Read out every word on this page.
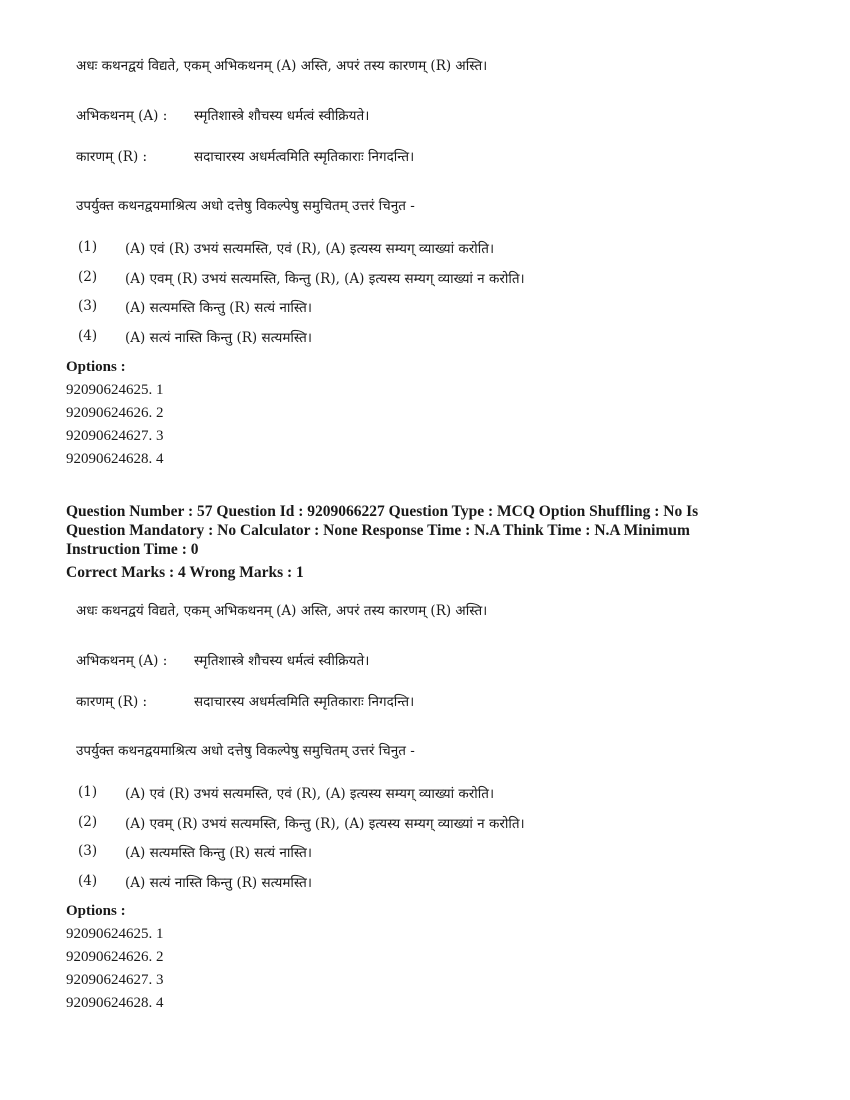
अधः कथनद्वयं विद्यते, एकम् अभिकथनम् (A) अस्ति, अपरं तस्य कारणम् (R) अस्ति।
अभिकथनम् (A) : स्मृतिशास्त्रे शौचस्य धर्मत्वं स्वीक्रियते।
कारणम् (R) :	सदाचारस्य अधर्मत्वमिति स्मृतिकाराः निगदन्ति।
उपर्युक्त कथनद्वयमाश्रित्य अधो दत्तेषु विकल्पेषु समुचितम् उत्तरं चिनुत -
(1) (A) एवं (R) उभयं सत्यमस्ति, एवं (R), (A) इत्यस्य सम्यग् व्याख्यां करोति।
(2) (A) एवम् (R) उभयं सत्यमस्ति, किन्तु (R), (A) इत्यस्य सम्यग् व्याख्यां न करोति।
(3) (A) सत्यमस्ति किन्तु (R) सत्यं नास्ति।
(4) (A) सत्यं नास्ति किन्तु (R) सत्यमस्ति।
Options :
92090624625. 1
92090624626. 2
92090624627. 3
92090624628. 4
Question Number : 57 Question Id : 9209066227 Question Type : MCQ Option Shuffling : No Is
Question Mandatory : No Calculator : None Response Time : N.A Think Time : N.A Minimum
Instruction Time : 0
Correct Marks : 4 Wrong Marks : 1
अधः कथनद्वयं विद्यते, एकम् अभिकथनम् (A) अस्ति, अपरं तस्य कारणम् (R) अस्ति।
अभिकथनम् (A) : स्मृतिशास्त्रे शौचस्य धर्मत्वं स्वीक्रियते।
कारणम् (R) :	सदाचारस्य अधर्मत्वमिति स्मृतिकाराः निगदन्ति।
उपर्युक्त कथनद्वयमाश्रित्य अधो दत्तेषु विकल्पेषु समुचितम् उत्तरं चिनुत -
(1) (A) एवं (R) उभयं सत्यमस्ति, एवं (R), (A) इत्यस्य सम्यग् व्याख्यां करोति।
(2) (A) एवम् (R) उभयं सत्यमस्ति, किन्तु (R), (A) इत्यस्य सम्यग् व्याख्यां न करोति।
(3) (A) सत्यमस्ति किन्तु (R) सत्यं नास्ति।
(4) (A) सत्यं नास्ति किन्तु (R) सत्यमस्ति।
Options :
92090624625. 1
92090624626. 2
92090624627. 3
92090624628. 4
